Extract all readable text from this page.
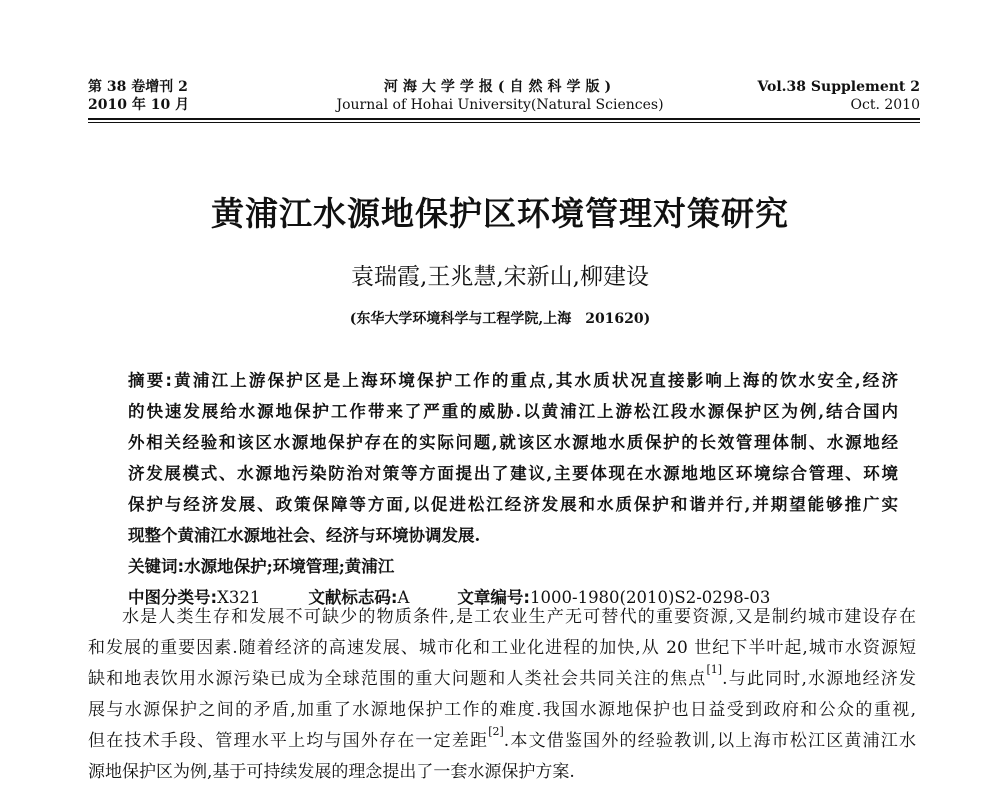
第 38 卷增刊 2
2010 年 10 月
河海大学学报(自然科学版)
Journal of Hohai University(Natural Sciences)
Vol.38 Supplement 2
Oct. 2010
黄浦江水源地保护区环境管理对策研究
袁瑞霞,王兆慧,宋新山,柳建设
(东华大学环境科学与工程学院,上海　201620)
摘要:黄浦江上游保护区是上海环境保护工作的重点,其水质状况直接影响上海的饮水安全,经济
的快速发展给水源地保护工作带来了严重的威胁.以黄浦江上游松江段水源保护区为例,结合国内
外相关经验和该区水源地保护存在的实际问题,就该区水源地水质保护的长效管理体制、水源地经
济发展模式、水源地污染防治对策等方面提出了建议,主要体现在水源地地区环境综合管理、环境
保护与经济发展、政策保障等方面,以促进松江经济发展和水质保护和谐并行,并期望能够推广实
现整个黄浦江水源地社会、经济与环境协调发展.
关键词:水源地保护;环境管理;黄浦江
中图分类号:X321	文献标志码:A	文章编号:1000-1980(2010)S2-0298-03
水是人类生存和发展不可缺少的物质条件,是工农业生产无可替代的重要资源,又是制约城市建设存在
和发展的重要因素.随着经济的高速发展、城市化和工业化进程的加快,从 20 世纪下半叶起,城市水资源短
缺和地表饮用水源污染已成为全球范围的重大问题和人类社会共同关注的焦点[1].与此同时,水源地经济发
展与水源保护之间的矛盾,加重了水源地保护工作的难度.我国水源地保护也日益受到政府和公众的重视,
但在技术手段、管理水平上均与国外存在一定差距[2].本文借鉴国外的经验教训,以上海市松江区黄浦江水
源地保护区为例,基于可持续发展的理念提出了一套水源保护方案.
